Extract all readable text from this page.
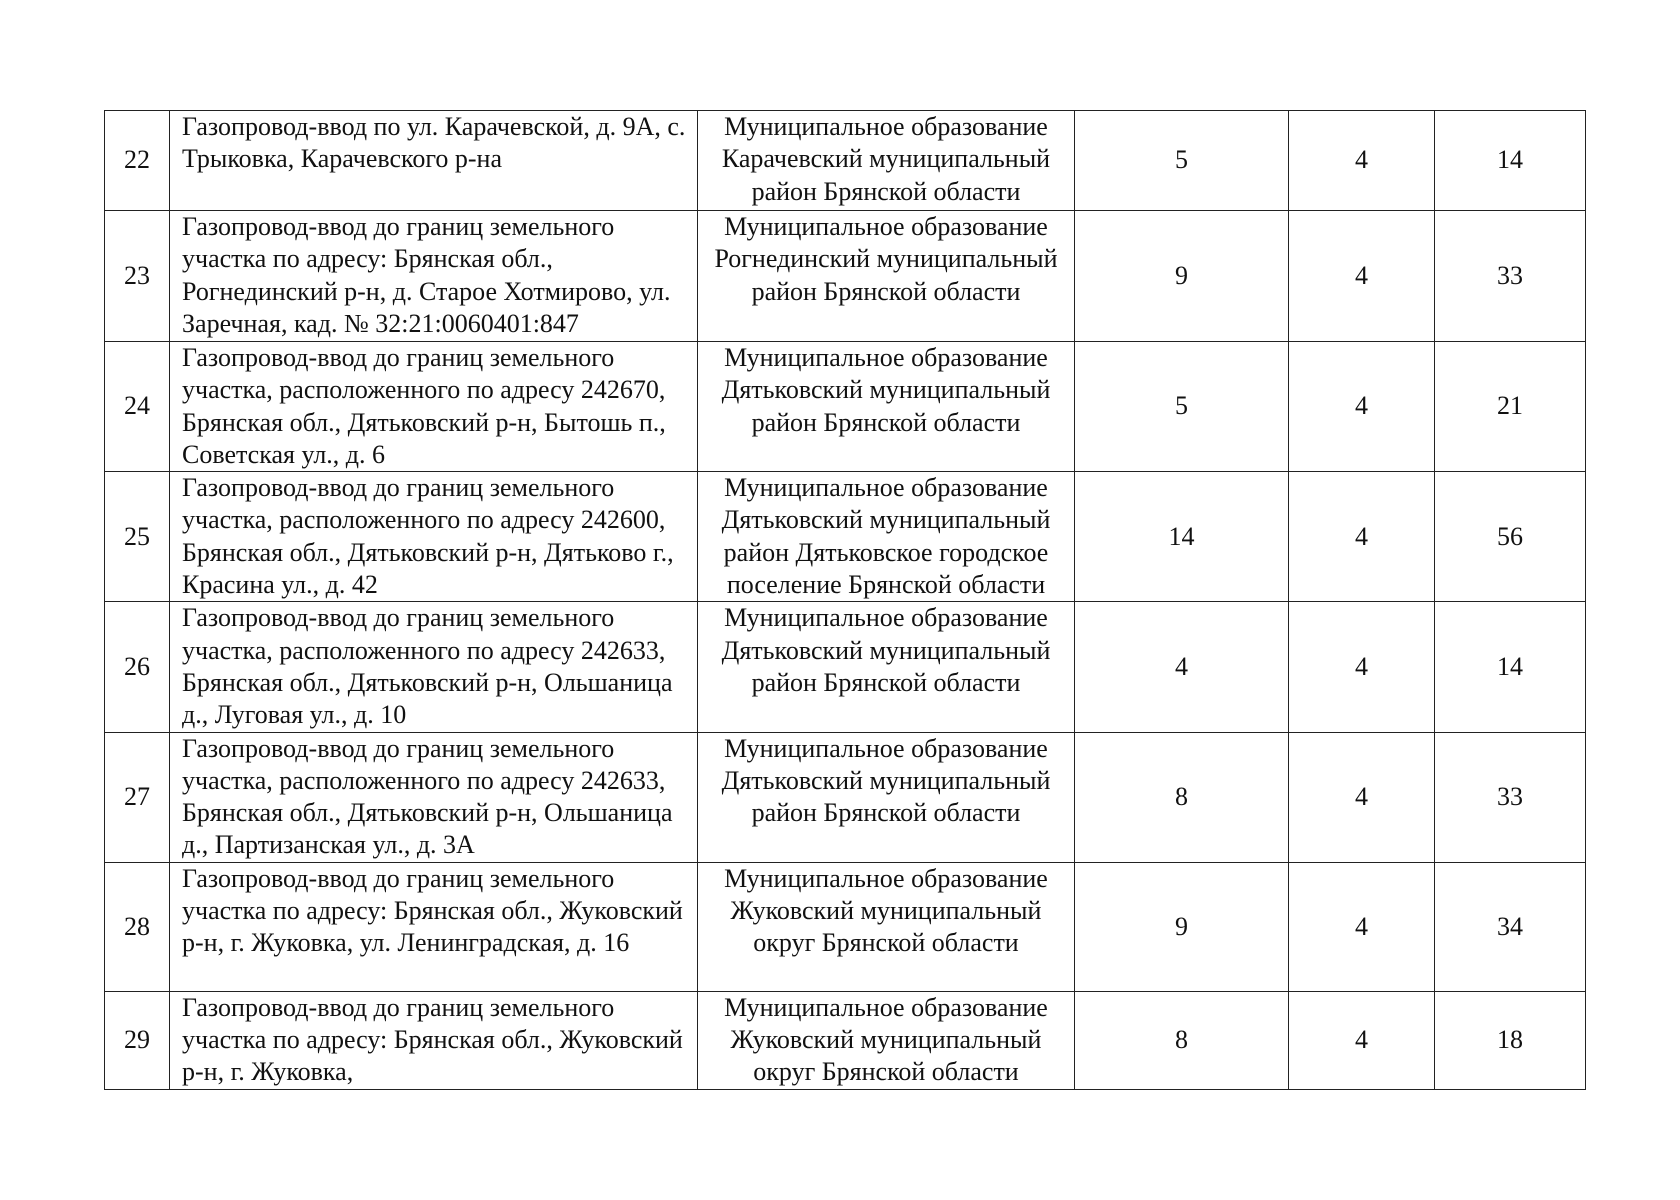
22	Газопровод-ввод по ул. Карачевской, д. 9А, с. Трыковка, Карачевского р-на	Муниципальное образование Карачевский муниципальный район Брянской области	5	4	14
23	Газопровод-ввод до границ земельного участка по адресу: Брянская обл., Рогнединский р-н, д. Старое Хотмирово, ул. Заречная, кад. № 32:21:0060401:847	Муниципальное образование Рогнединский муниципальный район Брянской области	9	4	33
24	Газопровод-ввод до границ земельного участка, расположенного по адресу 242670, Брянская обл., Дятьковский р-н, Бытошь п., Советская ул., д. 6	Муниципальное образование Дятьковский муниципальный район Брянской области	5	4	21
25	Газопровод-ввод до границ земельного участка, расположенного по адресу 242600, Брянская обл., Дятьковский р-н, Дятьково г., Красина ул., д. 42	Муниципальное образование Дятьковский муниципальный район Дятьковское городское поселение Брянской области	14	4	56
26	Газопровод-ввод до границ земельного участка, расположенного по адресу 242633, Брянская обл., Дятьковский р-н, Ольшаница д., Луговая ул., д. 10	Муниципальное образование Дятьковский муниципальный район Брянской области	4	4	14
27	Газопровод-ввод до границ земельного участка, расположенного по адресу 242633, Брянская обл., Дятьковский р-н, Ольшаница д., Партизанская ул., д. 3А	Муниципальное образование Дятьковский муниципальный район Брянской области	8	4	33
28	Газопровод-ввод до границ земельного участка по адресу: Брянская обл., Жуковский р-н, г. Жуковка, ул. Ленинградская, д. 16	Муниципальное образование Жуковский муниципальный округ Брянской области	9	4	34
29	Газопровод-ввод до границ земельного участка по адресу: Брянская обл., Жуковский р-н, г. Жуковка,	Муниципальное образование Жуковский муниципальный округ Брянской области	8	4	18
